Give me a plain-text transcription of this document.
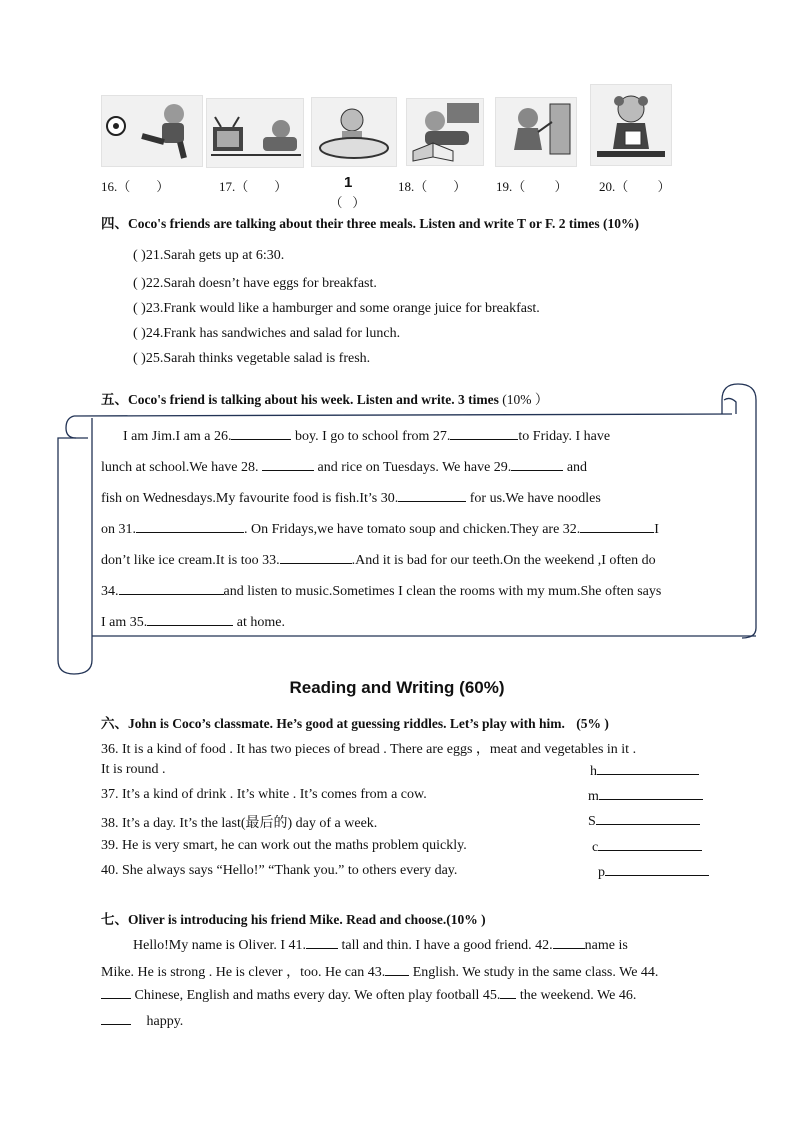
16.（        ）	17.（        ）

（   ）

1	18.（        ） 19.（         ） 20.（         ）
四、Coco's friends are talking about their three meals. Listen and write T or F. 2 times (10%)
( )21.Sarah gets up at 6:30.
( )22.Sarah doesn’t have eggs for breakfast.
( )23.Frank would like a hamburger and some orange juice for breakfast.
( )24.Frank has sandwiches and salad for lunch.
( )25.Sarah thinks vegetable salad is fresh.
五、Coco's friend is talking about his week. Listen and write. 3 times (10% ）
I am Jim.I am a 26.	boy. I go to school from 27.	to Friday. I have
lunch at school.We have 28.	and rice on Tuesdays. We have 29.	and
fish on Wednesdays.My favourite food is fish.It’s 30.	for us.We have noodles
on 31.	. On Fridays,we have tomato soup and chicken.They are 32.	I
don’t like ice cream.It is too 33.	.And it is bad for our teeth.On the weekend ,I often do
34.	and listen to music.Sometimes I clean the rooms with my mum.She often says
I am 35.	at home.
Reading and Writing (60%)
六、John is Coco’s classmate. He’s good at guessing riddles. Let’s play with him. (5% )
36. It is a kind of food . It has two pieces of bread . There are eggs ，meat and vegetables in it .
It is round .	h
37. It’s a kind of drink . It’s white . It’s comes from a cow.	m
38. It’s a day. It’s the last(最后的) day of a week.	S
39. He is very smart, he can work out the maths problem quickly.	c
40. She always says “Hello!” “Thank you.” to others every day.	p
七、Oliver is introducing his friend Mike. Read and choose.(10% )
Hello!My name is Oliver. I 41.	tall and thin. I have a good friend. 42. name is
Mike. He is strong . He is clever ，too. He can 43. English. We study in the same class. We 44.
Chinese, English and maths every day. We often play football 45. the weekend. We 46.
happy.
